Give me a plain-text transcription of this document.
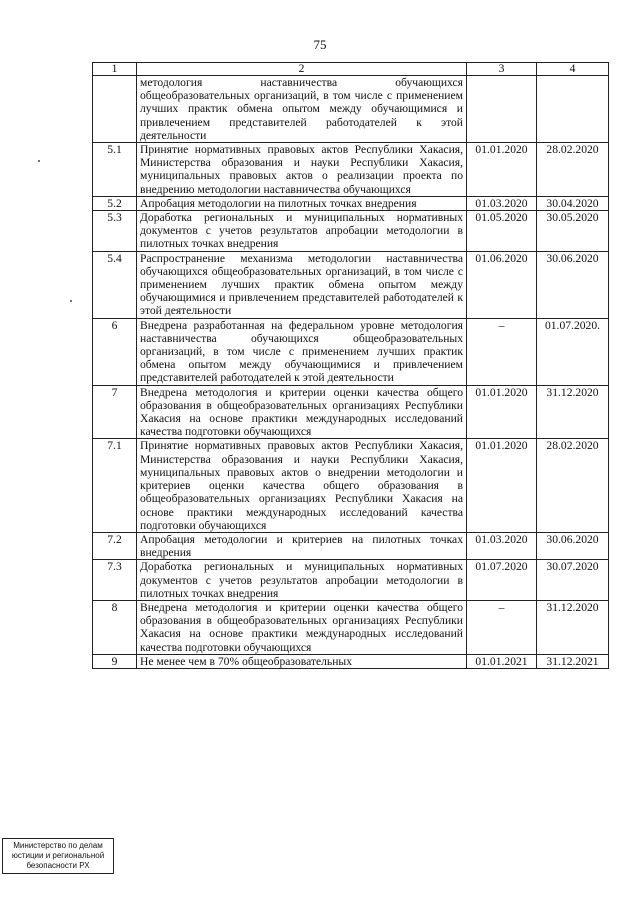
75
1	2	3	4
	методология наставничества обучающихся общеобразовательных организаций, в том числе с применением лучших практик обмена опытом между обучающимися и привлечением представителей работодателей к этой деятельности		
5.1	Принятие нормативных правовых актов Республики Хакасия, Министерства образования и науки Республики Хакасия, муниципальных правовых актов о реализации проекта по внедрению методологии наставничества обучающихся	01.01.2020	28.02.2020
5.2	Апробация методологии на пилотных точках внедрения	01.03.2020	30.04.2020
5.3	Доработка региональных и муниципальных нормативных документов с учетов результатов апробации методологии в пилотных точках внедрения	01.05.2020	30.05.2020
5.4	Распространение механизма методологии наставничества обучающихся общеобразовательных организаций, в том числе с применением лучших практик обмена опытом между обучающимися и привлечением представителей работодателей к этой деятельности	01.06.2020	30.06.2020
6	Внедрена разработанная на федеральном уровне методология наставничества обучающихся общеобразовательных организаций, в том числе с применением лучших практик обмена опытом между обучающимися и привлечением представителей работодателей к этой деятельности	–	01.07.2020.
7	Внедрена методология и критерии оценки качества общего образования в общеобразовательных организациях Республики Хакасия на основе практики международных исследований качества подготовки обучающихся	01.01.2020	31.12.2020
7.1	Принятие нормативных правовых актов Республики Хакасия, Министерства образования и науки Республики Хакасия, муниципальных правовых актов о внедрении методологии и критериев оценки качества общего образования в общеобразовательных организациях Республики Хакасия на основе практики международных исследований качества подготовки обучающихся	01.01.2020	28.02.2020
7.2	Апробация методологии и критериев на пилотных точках внедрения	01.03.2020	30.06.2020
7.3	Доработка региональных и муниципальных нормативных документов с учетов результатов апробации методологии в пилотных точках внедрения	01.07.2020	30.07.2020
8	Внедрена методология и критерии оценки качества общего образования в общеобразовательных организациях Республики Хакасия на основе практики международных исследований качества подготовки обучающихся	–	31.12.2020
9	Не менее чем в 70% общеобразовательных	01.01.2021	31.12.2021
Министерство по делам
юстиции и региональной
безопасности РХ
